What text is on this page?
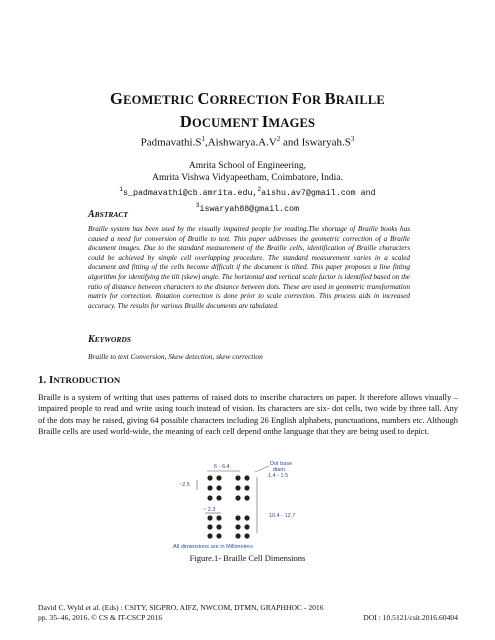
GEOMETRIC CORRECTION FOR BRAILLE
DOCUMENT IMAGES
$Padmavathi.S^1,Aishwarya.A.V^2$ and $Iswaryah.S^3$
Amrita School of Engineering,
Amrita Vishwa Vidyapeetham, Coimbatore, India.
$^1$s_padmavathi@cb.amrita.edu,$^2$aishu.av7@gmail.com and
$^3$iswaryah88@gmail.com
ABSTRACT
Braille system has been used by the visually impaired people for reading.The shortage of Braille books has caused a need for conversion of Braille to text. This paper addresses the geometric correction of a Braille document images. Due to the standard measurement of the Braille cells, identification of Braille characters could be achieved by simple cell overlapping procedure. The standard measurement varies in a scaled document and fitting of the cells become difficult if the document is tilted. This paper proposes a line fitting algorithm for identifying the tilt (skew) angle. The horizontal and vertical scale factor is identified based on the ratio of distance between characters to the distance between dots. These are used in geometric transformation matrix for correction. Rotation correction is done prior to scale correction. This process aids in increased accuracy. The results for various Braille documents are tabulated.
KEYWORDS
Braille to text Conversion, Skew detection, skew correction
1. INTRODUCTION
Braille is a system of writing that uses patterns of raised dots to inscribe characters on paper. It therefore allows visually –impaired people to read and write using touch instead of vision. Its characters are six- dot cells, two wide by three tall. Any of the dots may be raised, giving 64 possible characters including 26 English alphabets, punctuations, numbers etc. Although Braille cells are used world-wide, the meaning of each cell depend onthe language that they are being used to depict.
6 - 6.4	Dot base
diam.
1.4 - 1.5
~2.5
~ 2.3
10.4 - 12.7
All dimensions are in Millimeters
Figure.1- Braille Cell Dimensions
David C. Wyld et al. (Eds) : CSITY, SIGPRO, AIFZ, NWCOM, DTMN, GRAPHHOC - 2016
pp. 35–46, 2016. © CS & IT-CSCP 2016	DOI : 10.5121/csit.2016.60404
